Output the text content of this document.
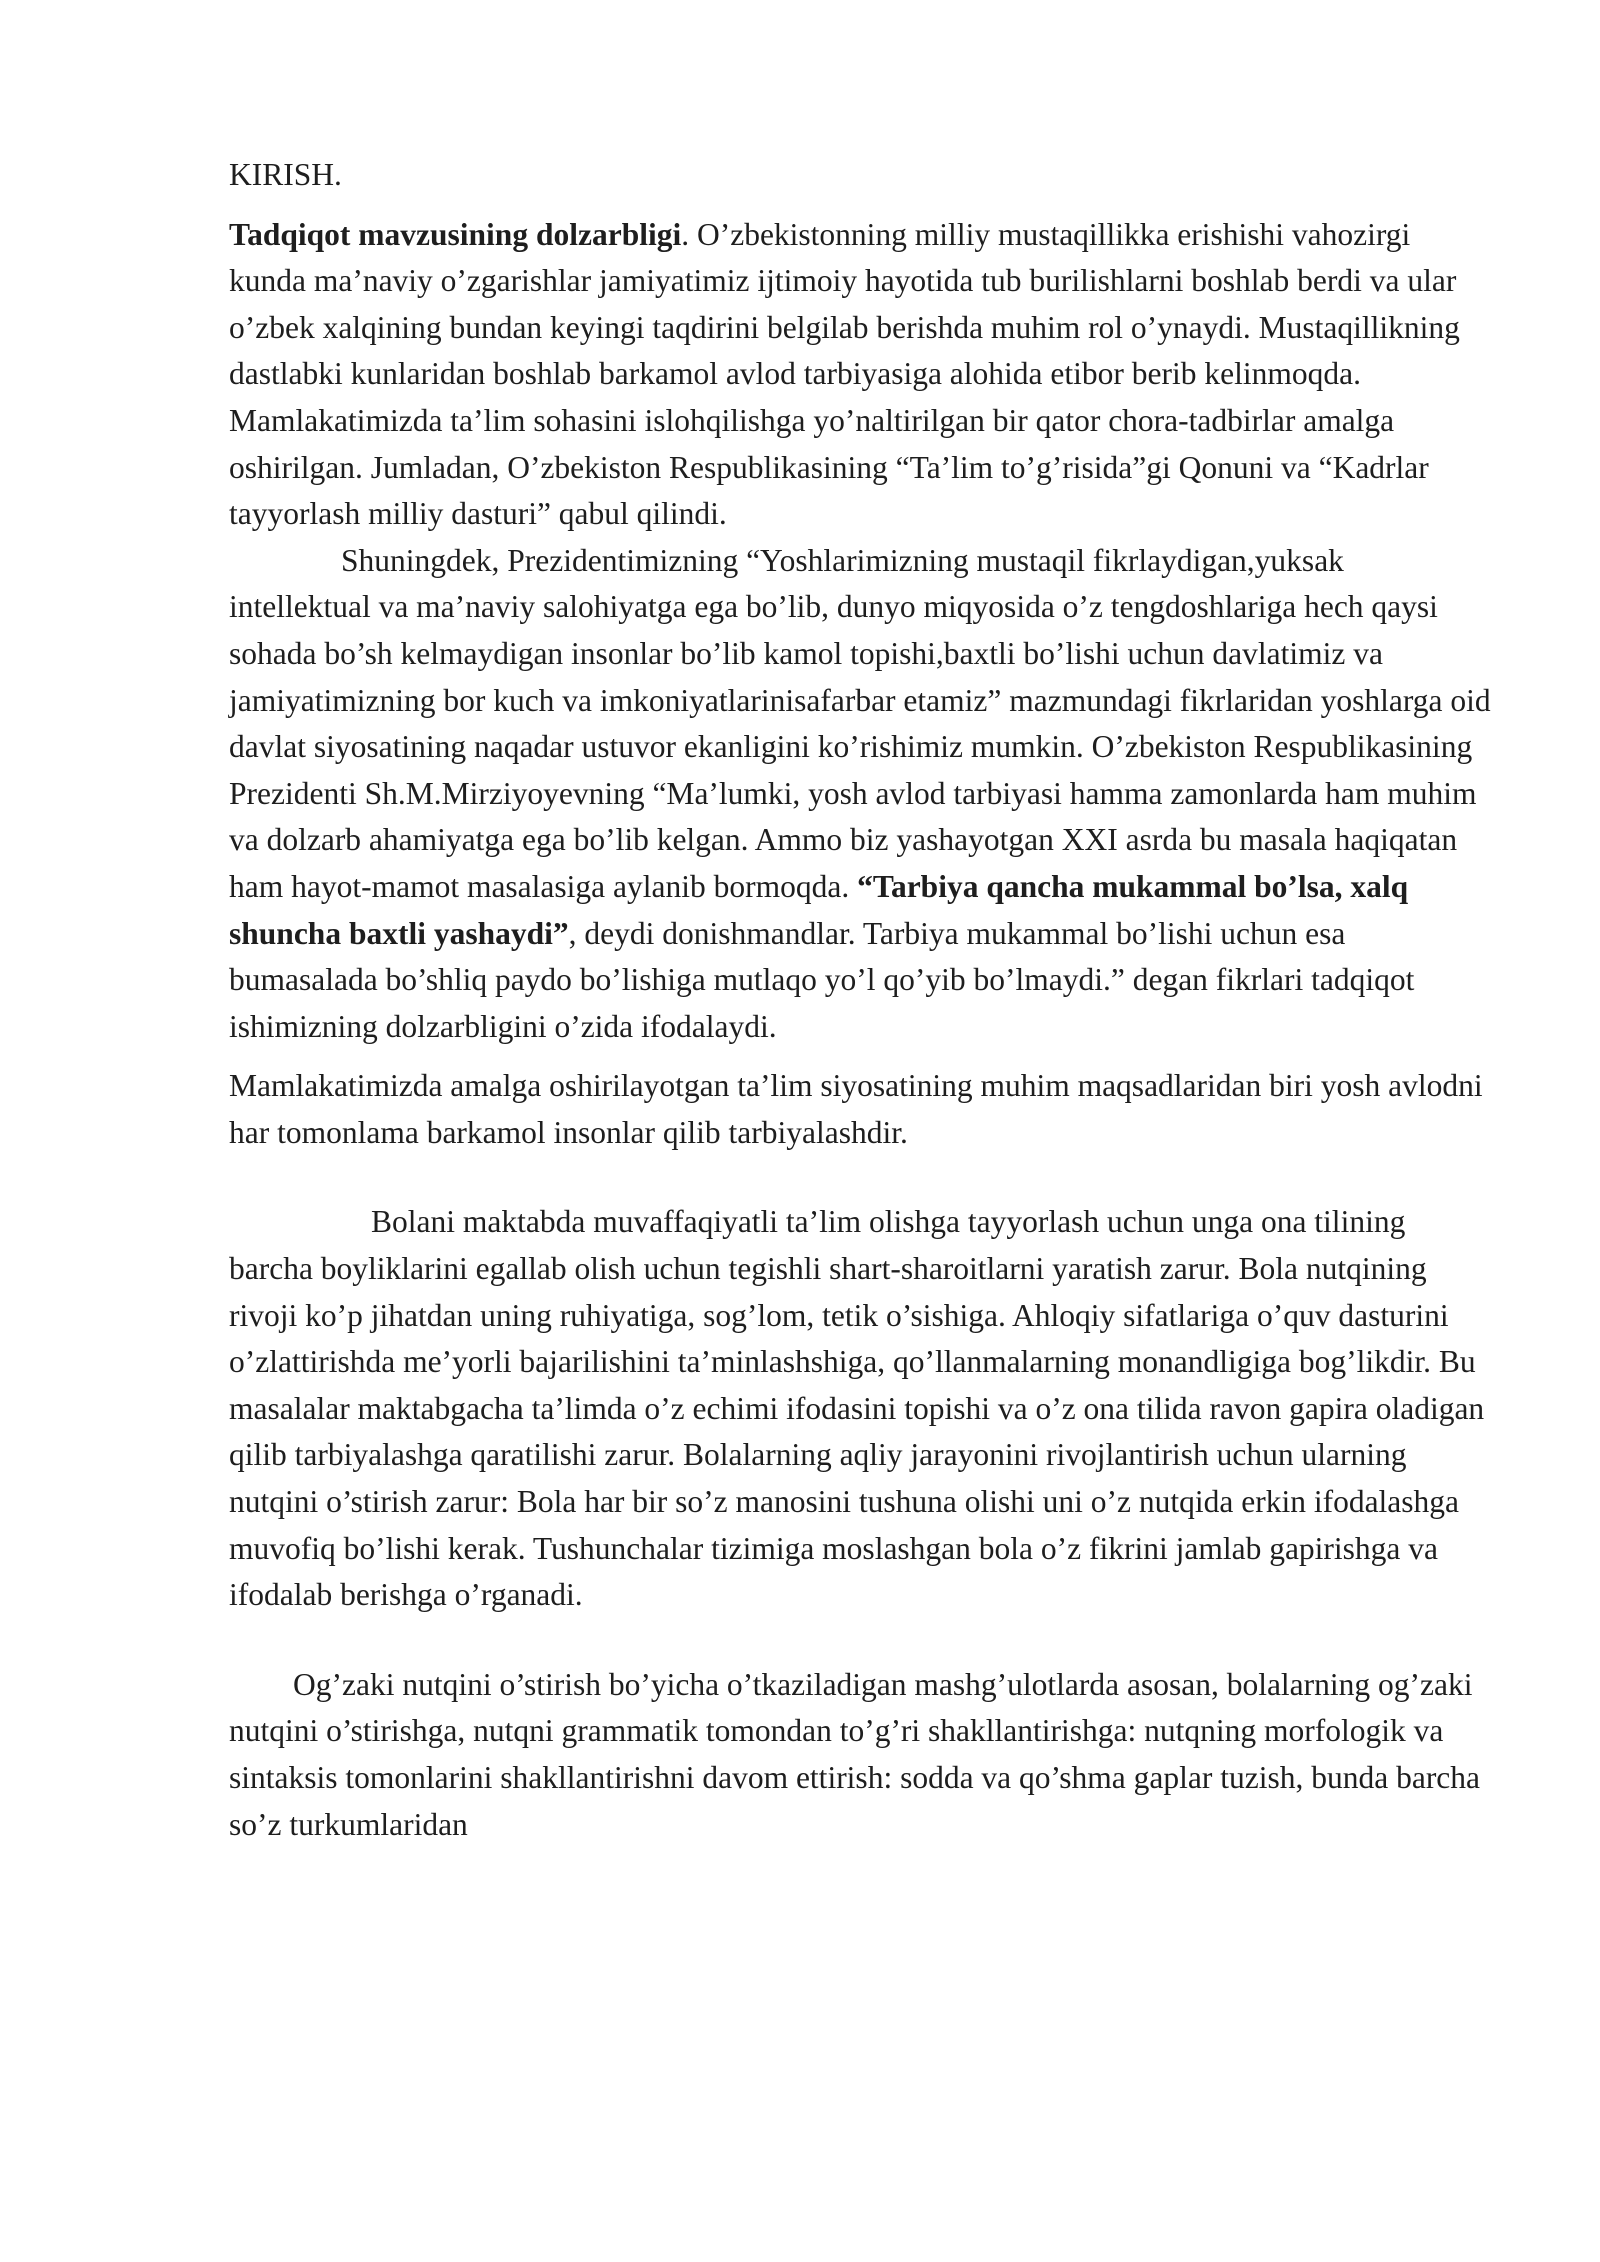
KIRISH.

Tadqiqot mavzusining dolzarbligi. O’zbekistonning milliy mustaqillikka erishishi vahozirgi kunda ma’naviy o’zgarishlar jamiyatimiz ijtimoiy hayotida tub burilishlarni boshlab berdi va ular o’zbek xalqining bundan keyingi taqdirini belgilab berishda muhim rol o’ynaydi. Mustaqillikning dastlabki kunlaridan boshlab barkamol avlod tarbiyasiga alohida etibor berib kelinmoqda. Mamlakatimizda ta’lim sohasini islohqilishga yo’naltirilgan bir qator chora-tadbirlar amalga oshirilgan. Jumladan, O’zbekiston Respublikasining “Ta’lim to’g’risida”gi Qonuni va “Kadrlar tayyorlash milliy dasturi” qabul qilindi.

Shuningdek, Prezidentimizning “Yoshlarimizning mustaqil fikrlaydigan,yuksak intellektual va ma’naviy salohiyatga ega bo’lib, dunyo miqyosida o’z tengdoshlariga hech qaysi sohada bo’sh kelmaydigan insonlar bo’lib kamol topishi,baxtli bo’lishi uchun davlatimiz va jamiyatimizning bor kuch va imkoniyatlarinisafarbar etamiz” mazmundagi fikrlaridan yoshlarga oid davlat siyosatining naqadar ustuvor ekanligini ko’rishimiz mumkin. O’zbekiston Respublikasining Prezidenti Sh.M.Mirziyoyevning “Ma’lumki, yosh avlod tarbiyasi hamma zamonlarda ham muhim va dolzarb ahamiyatga ega bo’lib kelgan. Ammo biz yashayotgan XXI asrda bu masala haqiqatan ham hayot-mamot masalasiga aylanib bormoqda. “Tarbiya qancha mukammal bo’lsa, xalq shuncha baxtli yashaydi”, deydi donishmandlar. Tarbiya mukammal bo’lishi uchun esa bumasalada bo’shliq paydo bo’lishiga mutlaqo yo’l qo’yib bo’lmaydi.” degan fikrlari tadqiqot ishimizning dolzarbligini o’zida ifodalaydi.

Mamlakatimizda amalga oshirilayotgan ta’lim siyosatining muhim maqsadlaridan biri yosh avlodni har tomonlama barkamol insonlar qilib tarbiyalashdir.

Bolani maktabda muvaffaqiyatli ta’lim olishga tayyorlash uchun unga ona tilining barcha boyliklarini egallab olish uchun tegishli shart-sharoitlarni yaratish zarur. Bola nutqining rivoji ko’p jihatdan uning ruhiyatiga, sog’lom, tetik o’sishiga. Ahloqiy sifatlariga o’quv dasturini o’zlattirishda me’yorli bajarilishini ta’minlashshiga, qo’llanmalarning monandligiga bog’likdir. Bu masalalar maktabgacha ta’limda o’z echimi ifodasini topishi va o’z ona tilida ravon gapira oladigan qilib tarbiyalashga qaratilishi zarur. Bolalarning aqliy jarayonini rivojlantirish uchun ularning nutqini o’stirish zarur: Bola har bir so’z manosini tushuna olishi uni o’z nutqida erkin ifodalashga muvofiq bo’lishi kerak. Tushunchalar tizimiga moslashgan bola o’z fikrini jamlab gapirishga va ifodalab berishga o’rganadi.

Og’zaki nutqini o’stirish bo’yicha o’tkaziladigan mashg’ulotlarda asosan, bolalarning og’zaki nutqini o’stirishga, nutqni grammatik tomondan to’g’ri shakllantirishga: nutqning morfologik va sintaksis tomonlarini shakllantirishni davom ettirish: sodda va qo’shma gaplar tuzish, bunda barcha so’z turkumlaridan
